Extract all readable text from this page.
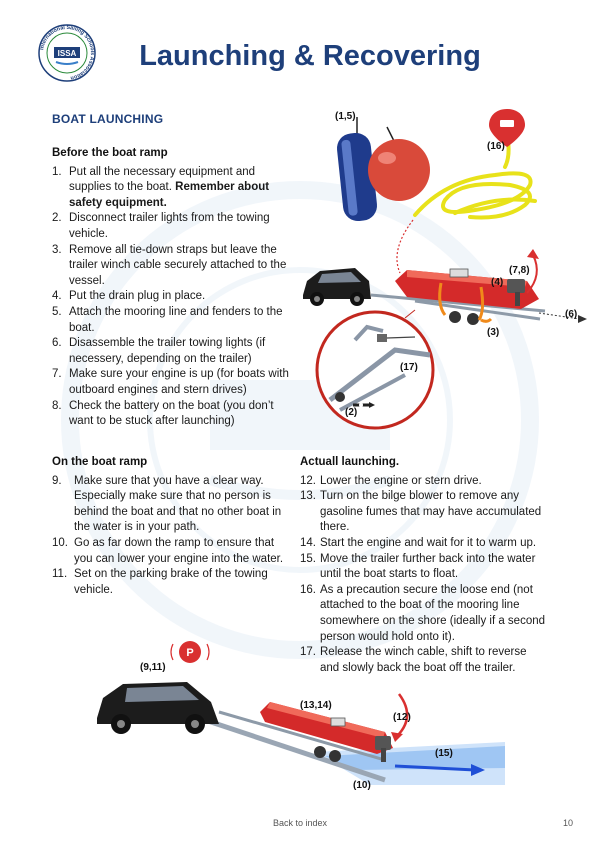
International Sailing Schools Association
ISSA	Launching & Recovering
BOAT LAUNCHING
Before the boat ramp
1. Put all the necessary equipment and supplies to the boat. Remember about safety equipment.
2. Disconnect trailer lights from the towing vehicle.
3. Remove all tie-down straps but leave the trailer winch cable securely attached to the vessel.
4. Put the drain plug in place.
5. Attach the mooring line and fenders to the boat.
6. Disassemble the trailer towing lights (if necessery, depending on the trailer)
7. Make sure your engine is up (for boats with outboard engines and stern drives)
8. Check the battery on the boat (you don’t want to be stuck after launching)
On the boat ramp
9.	Make sure that you have a clear way. Especially make sure that no person is behind the boat and that no other boat in the water is in your path.
10. Go as far down the ramp to ensure that you can lower your engine into the water.
11. Set on the parking brake of the towing vehicle.
Actuall launching.
12. Lower the engine or stern drive.
13. Turn on the bilge blower to remove any gasoline fumes that may have accumulated there.
14. Start the engine and wait for it to warm up.
15. Move the trailer further back into the water until the boat starts to float.
16. As a precaution secure the loose end (not attached to the boat of the mooring line somewhere on the shore (ideally if a second person would hold onto it).
17. Release the winch cable, shift to reverse and slowly back the boat off the trailer.
(1,5)
(16)
(7,8)
(4)
(6)
(3)
(2)
(17)
P
(9,11)
(13,14)
(12)
(15)
(10)
Back to index	10
